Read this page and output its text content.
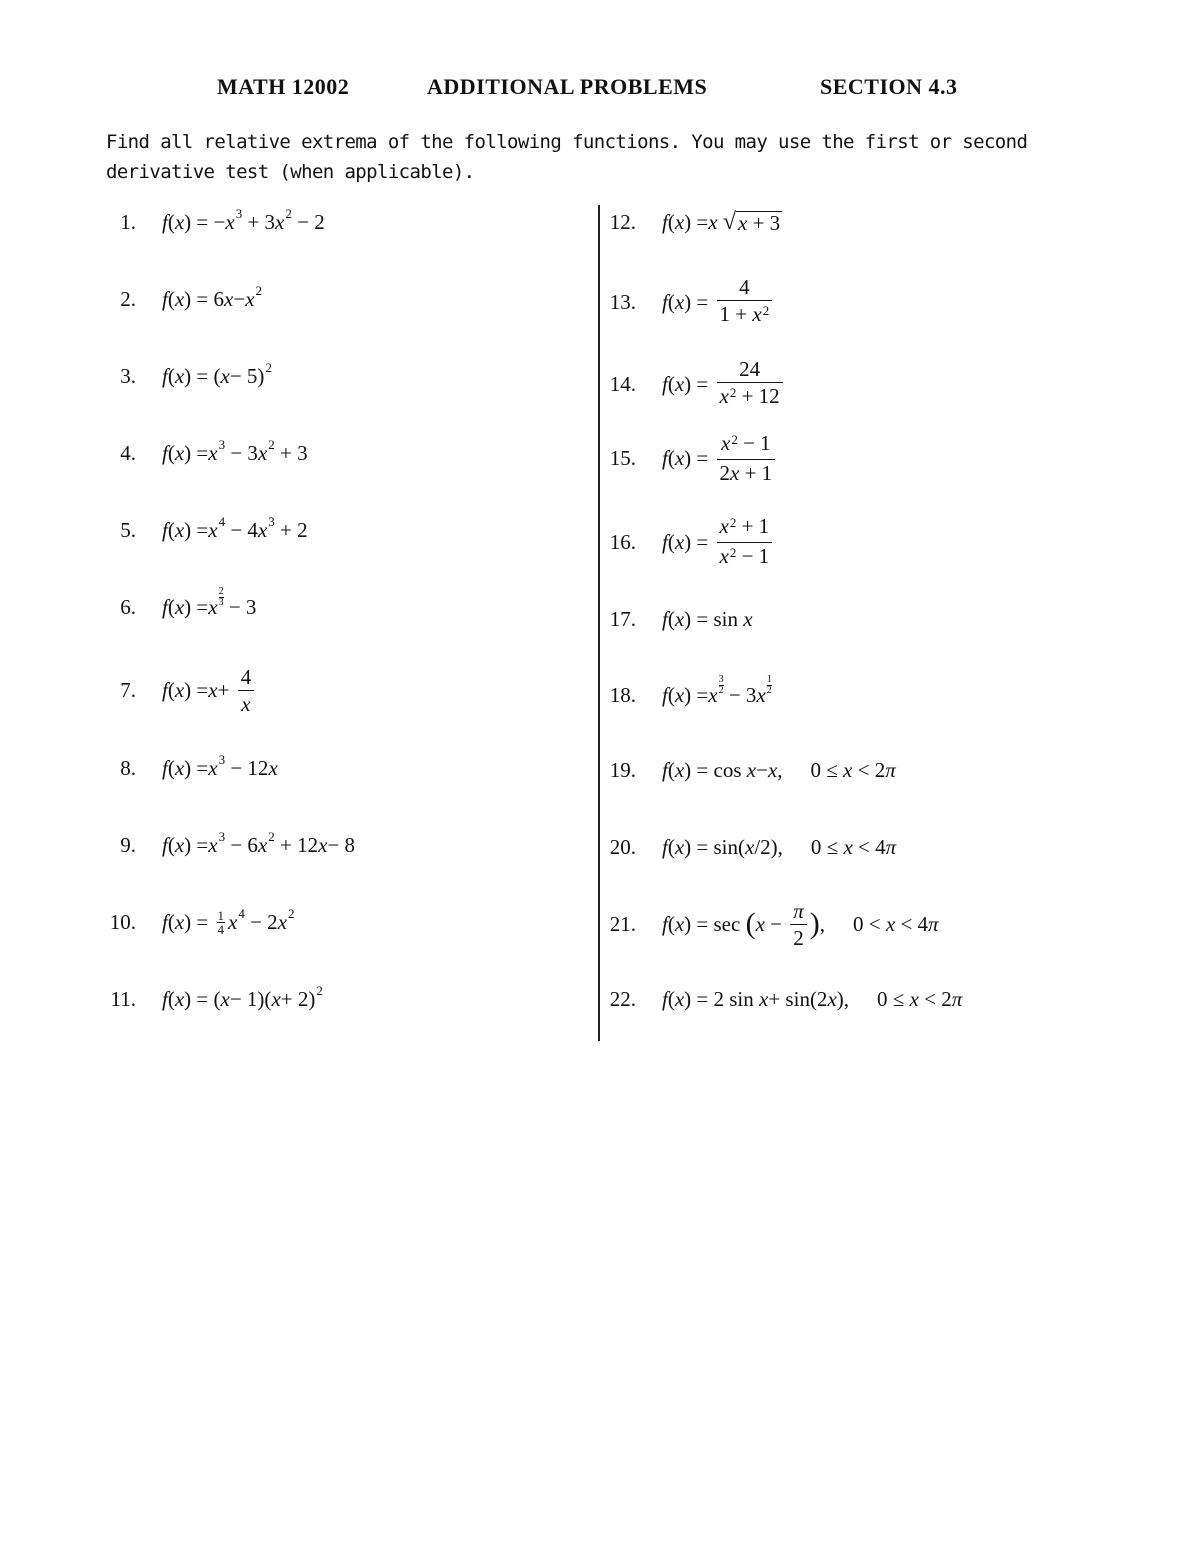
MATH 12002	ADDITIONAL PROBLEMS	SECTION 4.3
Find all relative extrema of the following functions. You may use the first or second derivative test (when applicable).
1. f ( x ) = − x 3 + 3 x 2 − 2
2. f ( x ) = 6 x − x 2
3. f ( x ) = ( x − 5) 2
4. f ( x ) = x 3 − 3 x 2 + 3
5. f ( x ) = x 4 − 4 x 3 + 2
6. f ( x ) = x
2
3 − 3
7. f ( x ) = $x + \frac{4}{x}$
8. f ( x ) = x 3 − 12 x
9. f ( x ) = x 3 − 6 x 2 + 12 x − 8
10. f ( x ) = $\frac{1}{4}$ x 4 − 2 x 2
11. f ( x ) = ( x − 1)( x + 2) 2
12. f ( x ) = x
√ x + 3
13. f ( x ) = $\frac{4}{1 + x^2}$
14. f ( x ) = $\frac{24}{x^2 + 12}$
15. f ( x ) = $\frac{x^2 - 1}{2x + 1}$
16. f ( x ) = $\frac{x^2 + 1}{x^2 - 1}$
17. f ( x ) = sin x
18. f ( x ) = x
3
2 − 3 x
1
2
19. f ( x ) = cos x − x , 0 ≤ x < 2π
20. f ( x ) = sin( x /2), 0 ≤ x < 4π
21. f ( x ) = sec ( $x - \frac{\pi}{2}$ ) , 0 < x < 4π
22. f ( x ) = 2 sin x + sin(2 x ), 0 ≤ x < 2π
